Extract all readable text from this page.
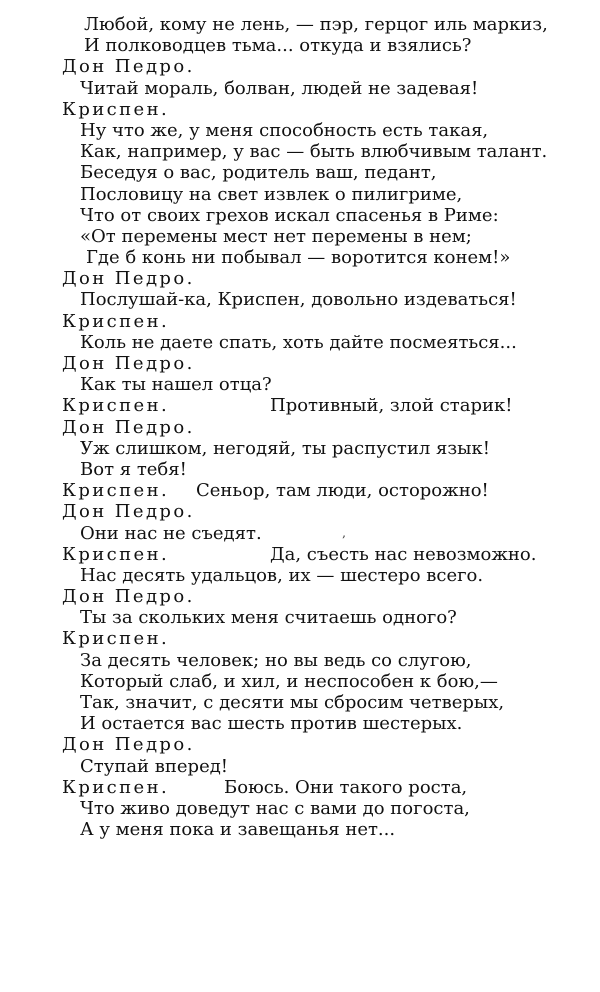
Любой, кому не лень, — пэр, герцог иль маркиз,
И полководцев тьма... откуда и взялись?
Дон Педро.
Читай мораль, болван, людей не задевая!
Криспен.
Ну что же, у меня способность есть такая,
Как, например, у вас — быть влюбчивым талант.
Беседуя о вас, родитель ваш, педант,
Пословицу на свет извлек о пилигриме,
Что от своих грехов искал спасенья в Риме:
«От перемены мест нет перемены в нем;
Где б конь ни побывал — воротится конем!»
Дон Педро.
Послушай-ка, Криспен, довольно издеваться!
Криспен.
Коль не даете спать, хоть дайте посмеяться...
Дон Педро.
Как ты нашел отца?
Криспен.	Противный, злой старик!
Дон Педро.
Уж слишком, негодяй, ты распустил язык!
Вот я тебя!
Криспен. Сеньор, там люди, осторожно!
Дон Педро.
Они нас не съедят.	‚
Криспен.	Да, съесть нас невозможно.
Нас десять удальцов, их — шестеро всего.
Дон Педро.
Ты за скольких меня считаешь одного?
Криспен.
За десять человек; но вы ведь со слугою,
Который слаб, и хил, и неспособен к бою,—
Так, значит, с десяти мы сбросим четверых,
И остается вас шесть против шестерых.
Дон Педро.
Ступай вперед!
Криспен.	Боюсь. Они такого роста,
Что живо доведут нас с вами до погоста,
А у меня пока и завещанья нет...
